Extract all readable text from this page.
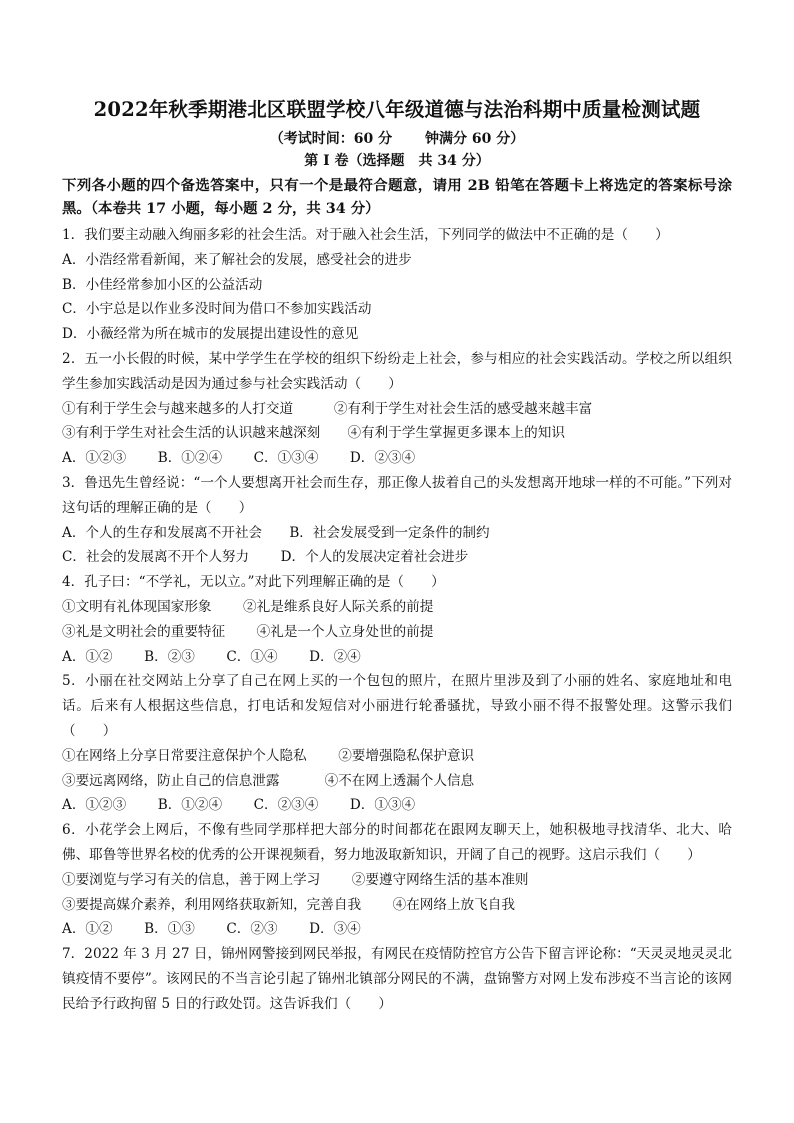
2022年秋季期港北区联盟学校八年级道德与法治科期中质量检测试题
（考试时间：60 分　　 钟满分 60 分）
第 I 卷（选择题　共 34 分）
下列各小题的四个备选答案中，只有一个是最符合题意，请用 2B 铅笔在答题卡上将选定的答案标号涂黑。（本卷共 17 小题，每小题 2 分，共 34 分）
1．我们要主动融入绚丽多彩的社会生活。对于融入社会生活，下列同学的做法中不正确的是（　　）
A．小浩经常看新闻，来了解社会的发展，感受社会的进步
B．小佳经常参加小区的公益活动
C．小宇总是以作业多没时间为借口不参加实践活动
D．小薇经常为所在城市的发展提出建设性的意见
2．五一小长假的时候，某中学学生在学校的组织下纷纷走上社会，参与相应的社会实践活动。学校之所以组织学生参加实践活动是因为通过参与社会实践活动（　　）
①有利于学生会与越来越多的人打交道　　　②有利于学生对社会生活的感受越来越丰富
③有利于学生对社会生活的认识越来越深刻　　④有利于学生掌握更多课本上的知识
A．①②③　　 B．①②④　　 C．①③④　　 D．②③④
3．鲁迅先生曾经说：“一个人要想离开社会而生存，那正像人拔着自己的头发想离开地球一样的不可能。”下列对这句话的理解正确的是（　　）
A．个人的生存和发展离不开社会　　B．社会发展受到一定条件的制约
C．社会的发展离不开个人努力　　 D．个人的发展决定着社会进步
4．孔子曰：“不学礼，无以立。”对此下列理解正确的是（　　）
①文明有礼体现国家形象　　 ②礼是维系良好人际关系的前提
③礼是文明社会的重要特征　　 ④礼是一个人立身处世的前提
A．①②　　 B．②③　　 C．①④　　 D．②④
5．小丽在社交网站上分享了自己在网上买的一个包包的照片，在照片里涉及到了小丽的姓名、家庭地址和电话。后来有人根据这些信息，打电话和发短信对小丽进行轮番骚扰，导致小丽不得不报警处理。这警示我们（　　）
①在网络上分享日常要注意保护个人隐私　　 ②要增强隐私保护意识
③要远离网络，防止自己的信息泄露　　　 ④不在网上透漏个人信息
A．①②③　　 B．①②④　　 C．②③④　　 D．①③④
6．小花学会上网后，不像有些同学那样把大部分的时间都花在跟网友聊天上，她积极地寻找清华、北大、哈佛、耶鲁等世界名校的优秀的公开课视频看，努力地汲取新知识，开阔了自己的视野。这启示我们（　　）
①要浏览与学习有关的信息，善于网上学习　　 ②要遵守网络生活的基本准则
③要提高媒介素养，利用网络获取新知，完善自我　　 ④在网络上放飞自我
A．①②　　 B．①③　　 C．②③　　 D．③④
7．2022 年 3 月 27 日，锦州网警接到网民举报，有网民在疫情防控官方公告下留言评论称：“天灵灵地灵灵北镇疫情不要停”。该网民的不当言论引起了锦州北镇部分网民的不满，盘锦警方对网上发布涉疫不当言论的该网民给予行政拘留 5 日的行政处罚。这告诉我们（　　）
